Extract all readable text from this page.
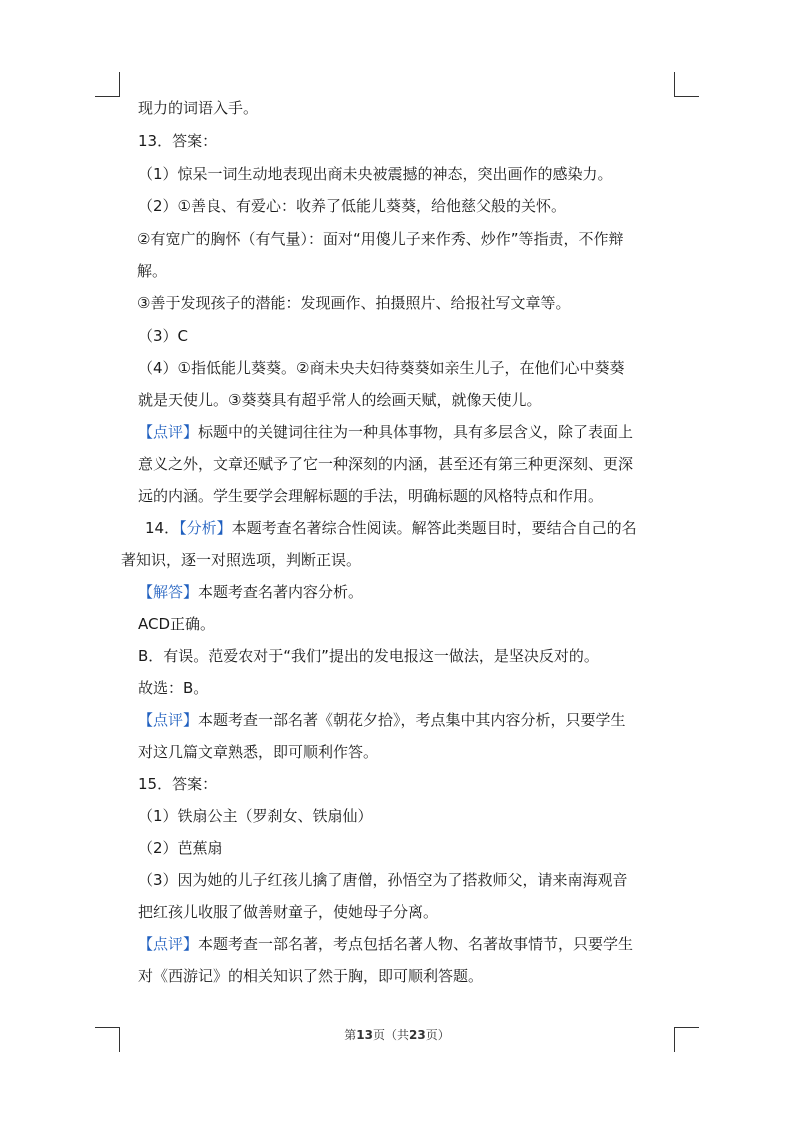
现力的词语入手。
13．答案：
（1）惊呆一词生动地表现出商未央被震撼的神态，突出画作的感染力。
（2）①善良、有爱心：收养了低能儿葵葵，给他慈父般的关怀。
②有宽广的胸怀（有气量）：面对“用傻儿子来作秀、炒作”等指责，不作辩
解。
③善于发现孩子的潜能：发现画作、拍摄照片、给报社写文章等。
（3）C
（4）①指低能儿葵葵。②商未央夫妇待葵葵如亲生儿子，在他们心中葵葵
就是天使儿。③葵葵具有超乎常人的绘画天赋，就像天使儿。
【点评】标题中的关键词往往为一种具体事物，具有多层含义，除了表面上
意义之外，文章还赋予了它一种深刻的内涵，甚至还有第三种更深刻、更深
远的内涵。学生要学会理解标题的手法，明确标题的风格特点和作用。
14．【分析】本题考查名著综合性阅读。解答此类题目时，要结合自己的名
著知识，逐一对照选项，判断正误。
【解答】本题考查名著内容分析。
ACD正确。
B．有误。范爱农对于“我们”提出的发电报这一做法，是坚决反对的。
故选：B。
【点评】本题考查一部名著《朝花夕拾》，考点集中其内容分析，只要学生
对这几篇文章熟悉，即可顺利作答。
15．答案：
（1）铁扇公主（罗刹女、铁扇仙）
（2）芭蕉扇
（3）因为她的儿子红孩儿擒了唐僧，孙悟空为了搭救师父，请来南海观音
把红孩儿收服了做善财童子，使她母子分离。
【点评】本题考查一部名著，考点包括名著人物、名著故事情节，只要学生
对《西游记》的相关知识了然于胸，即可顺利答题。
第13页（共23页）
